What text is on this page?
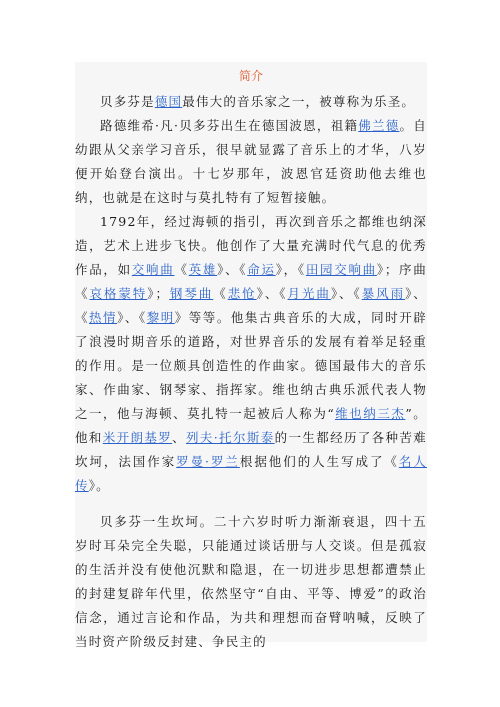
简介

贝多芬是德国最伟大的音乐家之一，被尊称为乐圣。

路德维希·凡·贝多芬出生在德国波恩，祖籍佛兰德。自幼跟从父亲学习音乐，很早就显露了音乐上的才华，八岁便开始登台演出。十七岁那年，波恩官廷资助他去维也纳，也就是在这时与莫扎特有了短暂接触。

1792年，经过海顿的指引，再次到音乐之都维也纳深造，艺术上进步飞快。他创作了大量充满时代气息的优秀作品，如交响曲《英雄》、《命运》，《田园交响曲》；序曲《哀格蒙特》；钢琴曲《悲怆》、《月光曲》、《暴风雨》、《热情》、《黎明》等等。他集古典音乐的大成，同时开辟了浪漫时期音乐的道路，对世界音乐的发展有着举足轻重的作用。是一位颇具创造性的作曲家。德国最伟大的音乐家、作曲家、钢琴家、指挥家。维也纳古典乐派代表人物之一，他与海顿、莫扎特一起被后人称为“维也纳三杰”。他和米开朗基罗、列夫·托尔斯泰的一生都经历了各种苦难坎坷，法国作家罗曼·罗兰根据他们的人生写成了《名人传》。

贝多芬一生坎坷。二十六岁时听力渐渐衰退，四十五岁时耳朵完全失聪，只能通过谈话册与人交谈。但是孤寂的生活并没有使他沉默和隐退，在一切进步思想都遭禁止的封建复辟年代里，依然坚守“自由、平等、博爱”的政治信念，通过言论和作品，为共和理想而奋臂呐喊，反映了当时资产阶级反封建、争民主的
